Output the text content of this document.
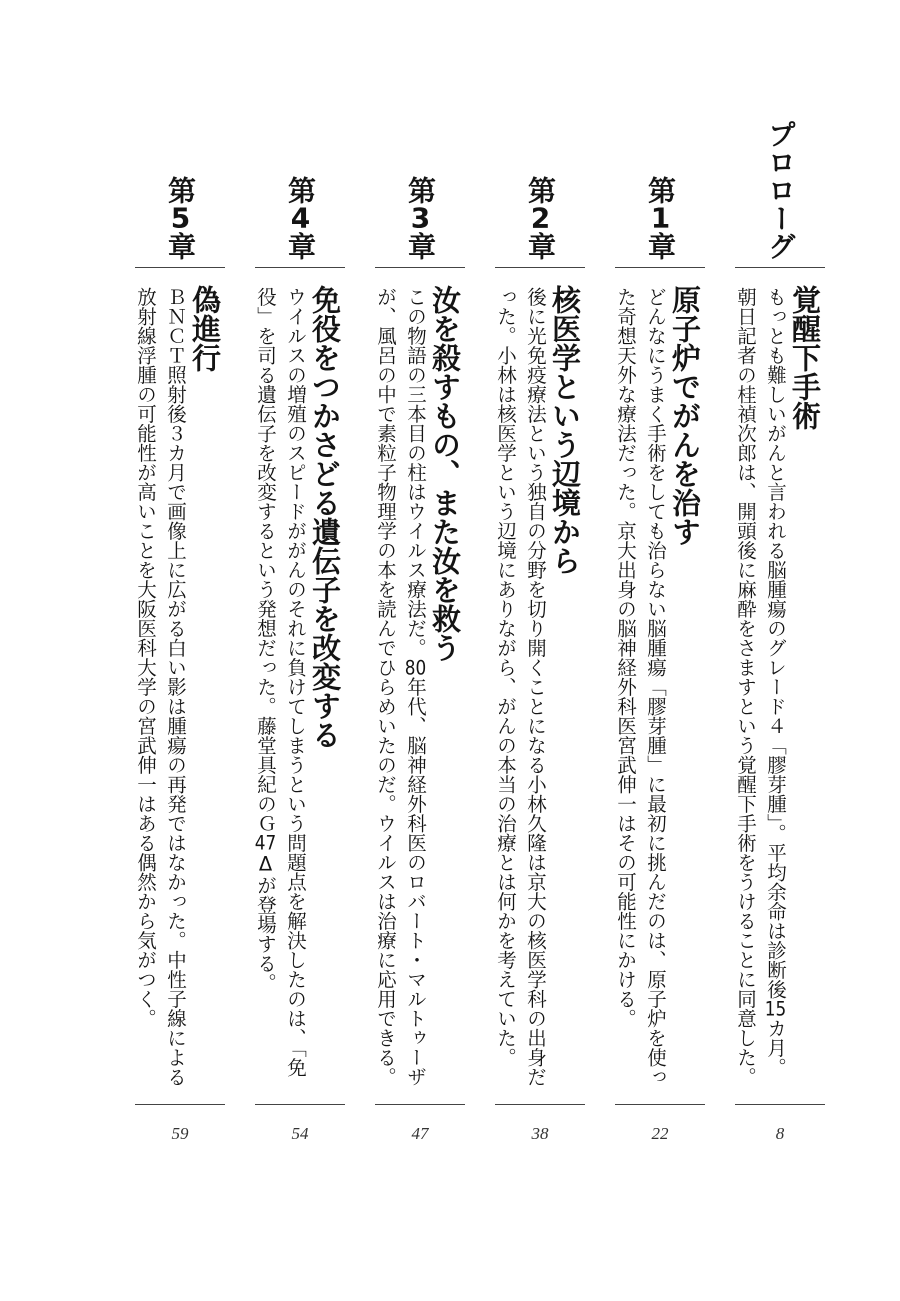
プロローグ
覚醒下手術
もっとも難しいがんと言われる脳腫瘍のグレード４「膠芽腫」。平均余命は診断後15カ月。
朝日記者の桂禎次郎は、開頭後に麻酔をさますという覚醒下手術をうけることに同意した。
8
第1章
原子炉でがんを治す
どんなにうまく手術をしても治らない脳腫瘍「膠芽腫」に最初に挑んだのは、原子炉を使っ
た奇想天外な療法だった。京大出身の脳神経外科医宮武伸一はその可能性にかける。
22
第2章
核医学という辺境から
後に光免疫療法という独自の分野を切り開くことになる小林久隆は京大の核医学科の出身だ
った。小林は核医学という辺境にありながら、がんの本当の治療とは何かを考えていた。
38
第3章
汝を殺すもの、また汝を救う
この物語の三本目の柱はウイルス療法だ。80年代、脳神経外科医のロバート・マルトゥーザ
が、風呂の中で素粒子物理学の本を読んでひらめいたのだ。ウイルスは治療に応用できる。
47
第4章
免役をつかさどる遺伝子を改変する
ウイルスの増殖のスピードががんのそれに負けてしまうという問題点を解決したのは、「免
役」を司る遺伝子を改変するという発想だった。藤堂具紀のＧ47Δが登場する。
54
第5章
偽進行
ＢＮＣＴ照射後３カ月で画像上に広がる白い影は腫瘍の再発ではなかった。中性子線による
放射線浮腫の可能性が高いことを大阪医科大学の宮武伸一はある偶然から気がつく。
59
